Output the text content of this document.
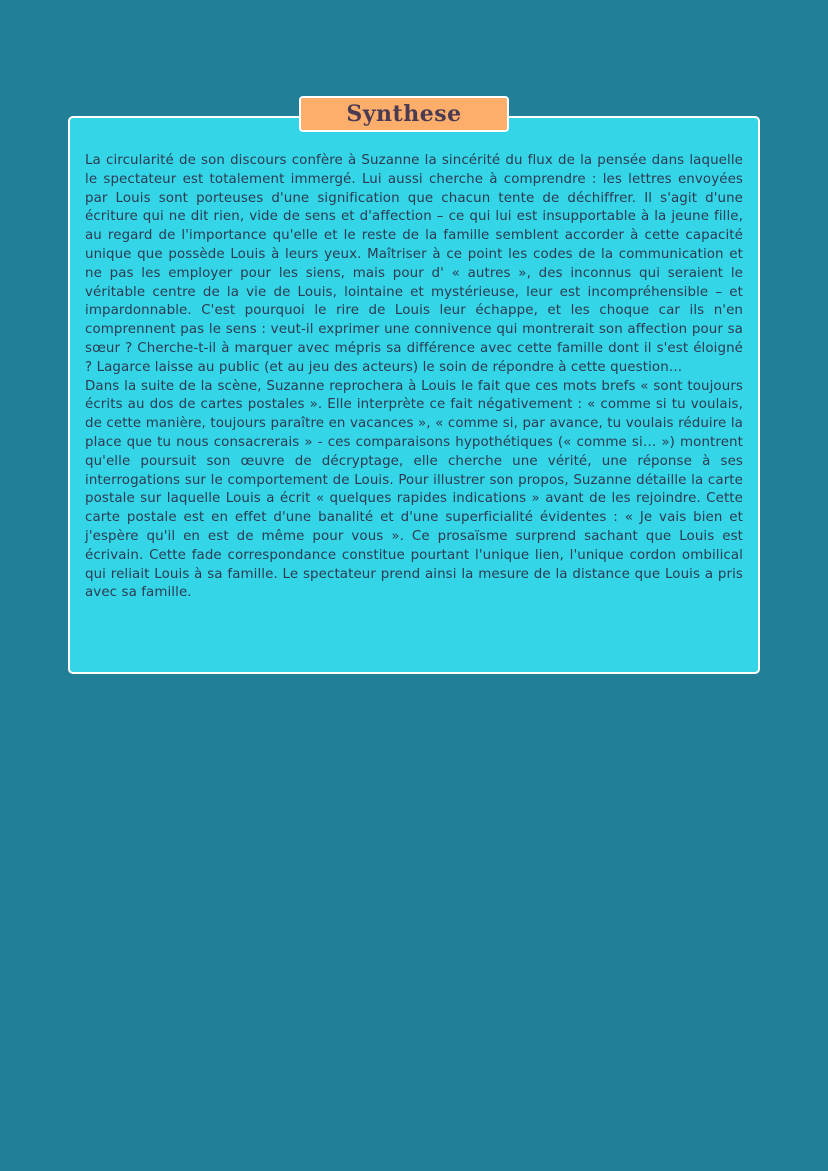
La circularité de son discours confère à Suzanne la sincérité du flux de la pensée dans laquelle le spectateur est totalement immergé. Lui aussi cherche à comprendre : les lettres envoyées par Louis sont porteuses d'une signification que chacun tente de déchiffrer. Il s'agit d'une écriture qui ne dit rien, vide de sens et d'affection – ce qui lui est insupportable à la jeune fille, au regard de l'importance qu'elle et le reste de la famille semblent accorder à cette capacité unique que possède Louis à leurs yeux. Maîtriser à ce point les codes de la communication et ne pas les employer pour les siens, mais pour d' « autres », des inconnus qui seraient le véritable centre de la vie de Louis, lointaine et mystérieuse, leur est incompréhensible – et impardonnable. C'est pourquoi le rire de Louis leur échappe, et les choque car ils n'en comprennent pas le sens : veut-il exprimer une connivence qui montrerait son affection pour sa sœur ? Cherche-t-il à marquer avec mépris sa différence avec cette famille dont il s'est éloigné ? Lagarce laisse au public (et au jeu des acteurs) le soin de répondre à cette question…

Dans la suite de la scène, Suzanne reprochera à Louis le fait que ces mots brefs « sont toujours écrits au dos de cartes postales ». Elle interprète ce fait négativement : « comme si tu voulais, de cette manière, toujours paraître en vacances », « comme si, par avance, tu voulais réduire la place que tu nous consacrerais » - ces comparaisons hypothétiques (« comme si… ») montrent qu'elle poursuit son œuvre de décryptage, elle cherche une vérité, une réponse à ses interrogations sur le comportement de Louis. Pour illustrer son propos, Suzanne détaille la carte postale sur laquelle Louis a écrit « quelques rapides indications » avant de les rejoindre. Cette carte postale est en effet d'une banalité et d'une superficialité évidentes : « Je vais bien et j'espère qu'il en est de même pour vous ». Ce prosaïsme surprend sachant que Louis est écrivain. Cette fade correspondance constitue pourtant l'unique lien, l'unique cordon ombilical qui reliait Louis à sa famille. Le spectateur prend ainsi la mesure de la distance que Louis a pris avec sa famille.

Synthese
